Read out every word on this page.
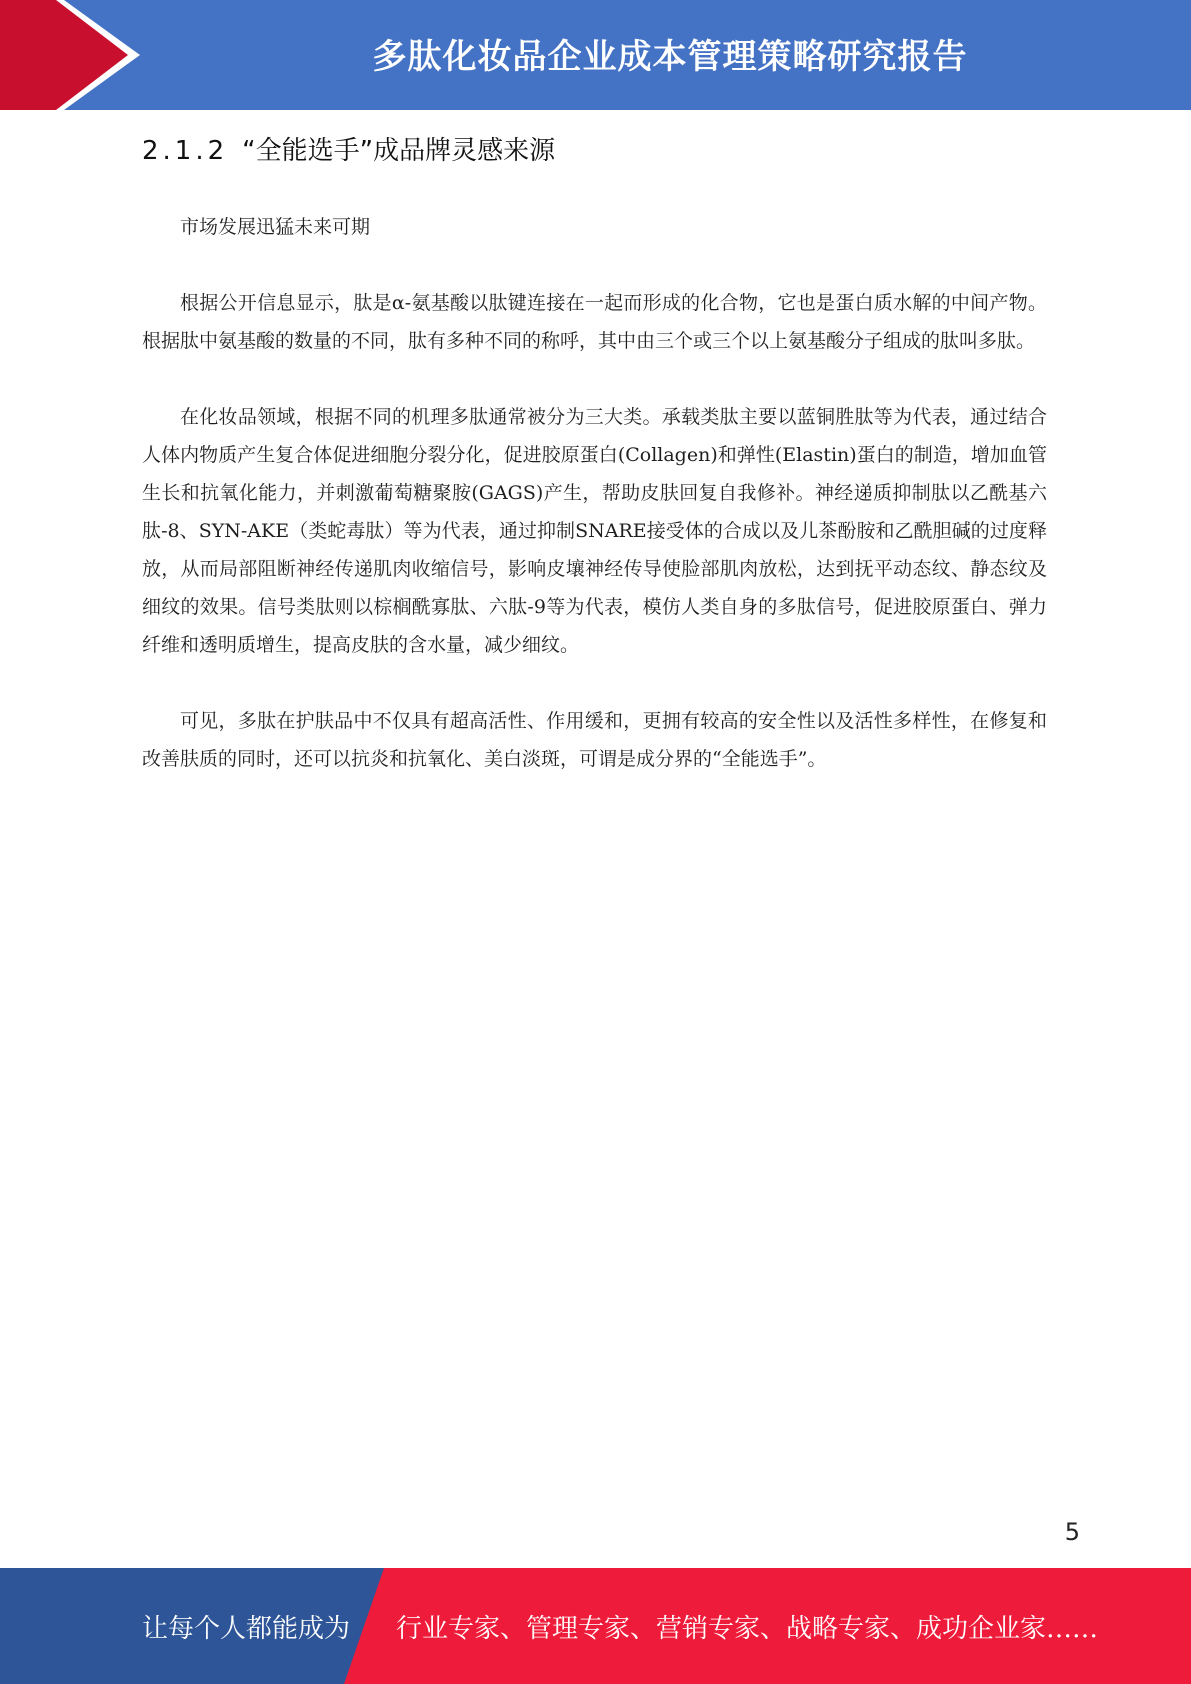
多肽化妆品企业成本管理策略研究报告
2.1.2 “全能选手”成品牌灵感来源

市场发展迅猛未来可期

根据公开信息显示，肽是α-氨基酸以肽键连接在一起而形成的化合物，它也是蛋白质水解的中间产物。根据肽中氨基酸的数量的不同，肽有多种不同的称呼，其中由三个或三个以上氨基酸分子组成的肽叫多肽。

在化妆品领域，根据不同的机理多肽通常被分为三大类。承载类肽主要以蓝铜胜肽等为代表，通过结合人体内物质产生复合体促进细胞分裂分化，促进胶原蛋白(Collagen)和弹性(Elastin)蛋白的制造，增加血管生长和抗氧化能力，并刺激葡萄糖聚胺(GAGS)产生，帮助皮肤回复自我修补。神经递质抑制肽以乙酰基六肽-8、SYN-AKE（类蛇毒肽）等为代表，通过抑制SNARE接受体的合成以及儿茶酚胺和乙酰胆碱的过度释放，从而局部阻断神经传递肌肉收缩信号，影响皮壤神经传导使脸部肌肉放松，达到抚平动态纹、静态纹及细纹的效果。信号类肽则以棕榈酰寡肽、六肽-9等为代表，模仿人类自身的多肽信号，促进胶原蛋白、弹力纤维和透明质增生，提高皮肤的含水量，减少细纹。

可见，多肽在护肤品中不仅具有超高活性、作用缓和，更拥有较高的安全性以及活性多样性，在修复和改善肤质的同时，还可以抗炎和抗氧化、美白淡斑，可谓是成分界的“全能选手”。

5
让每个人都能成为 行业专家、管理专家、营销专家、战略专家、成功企业家……
